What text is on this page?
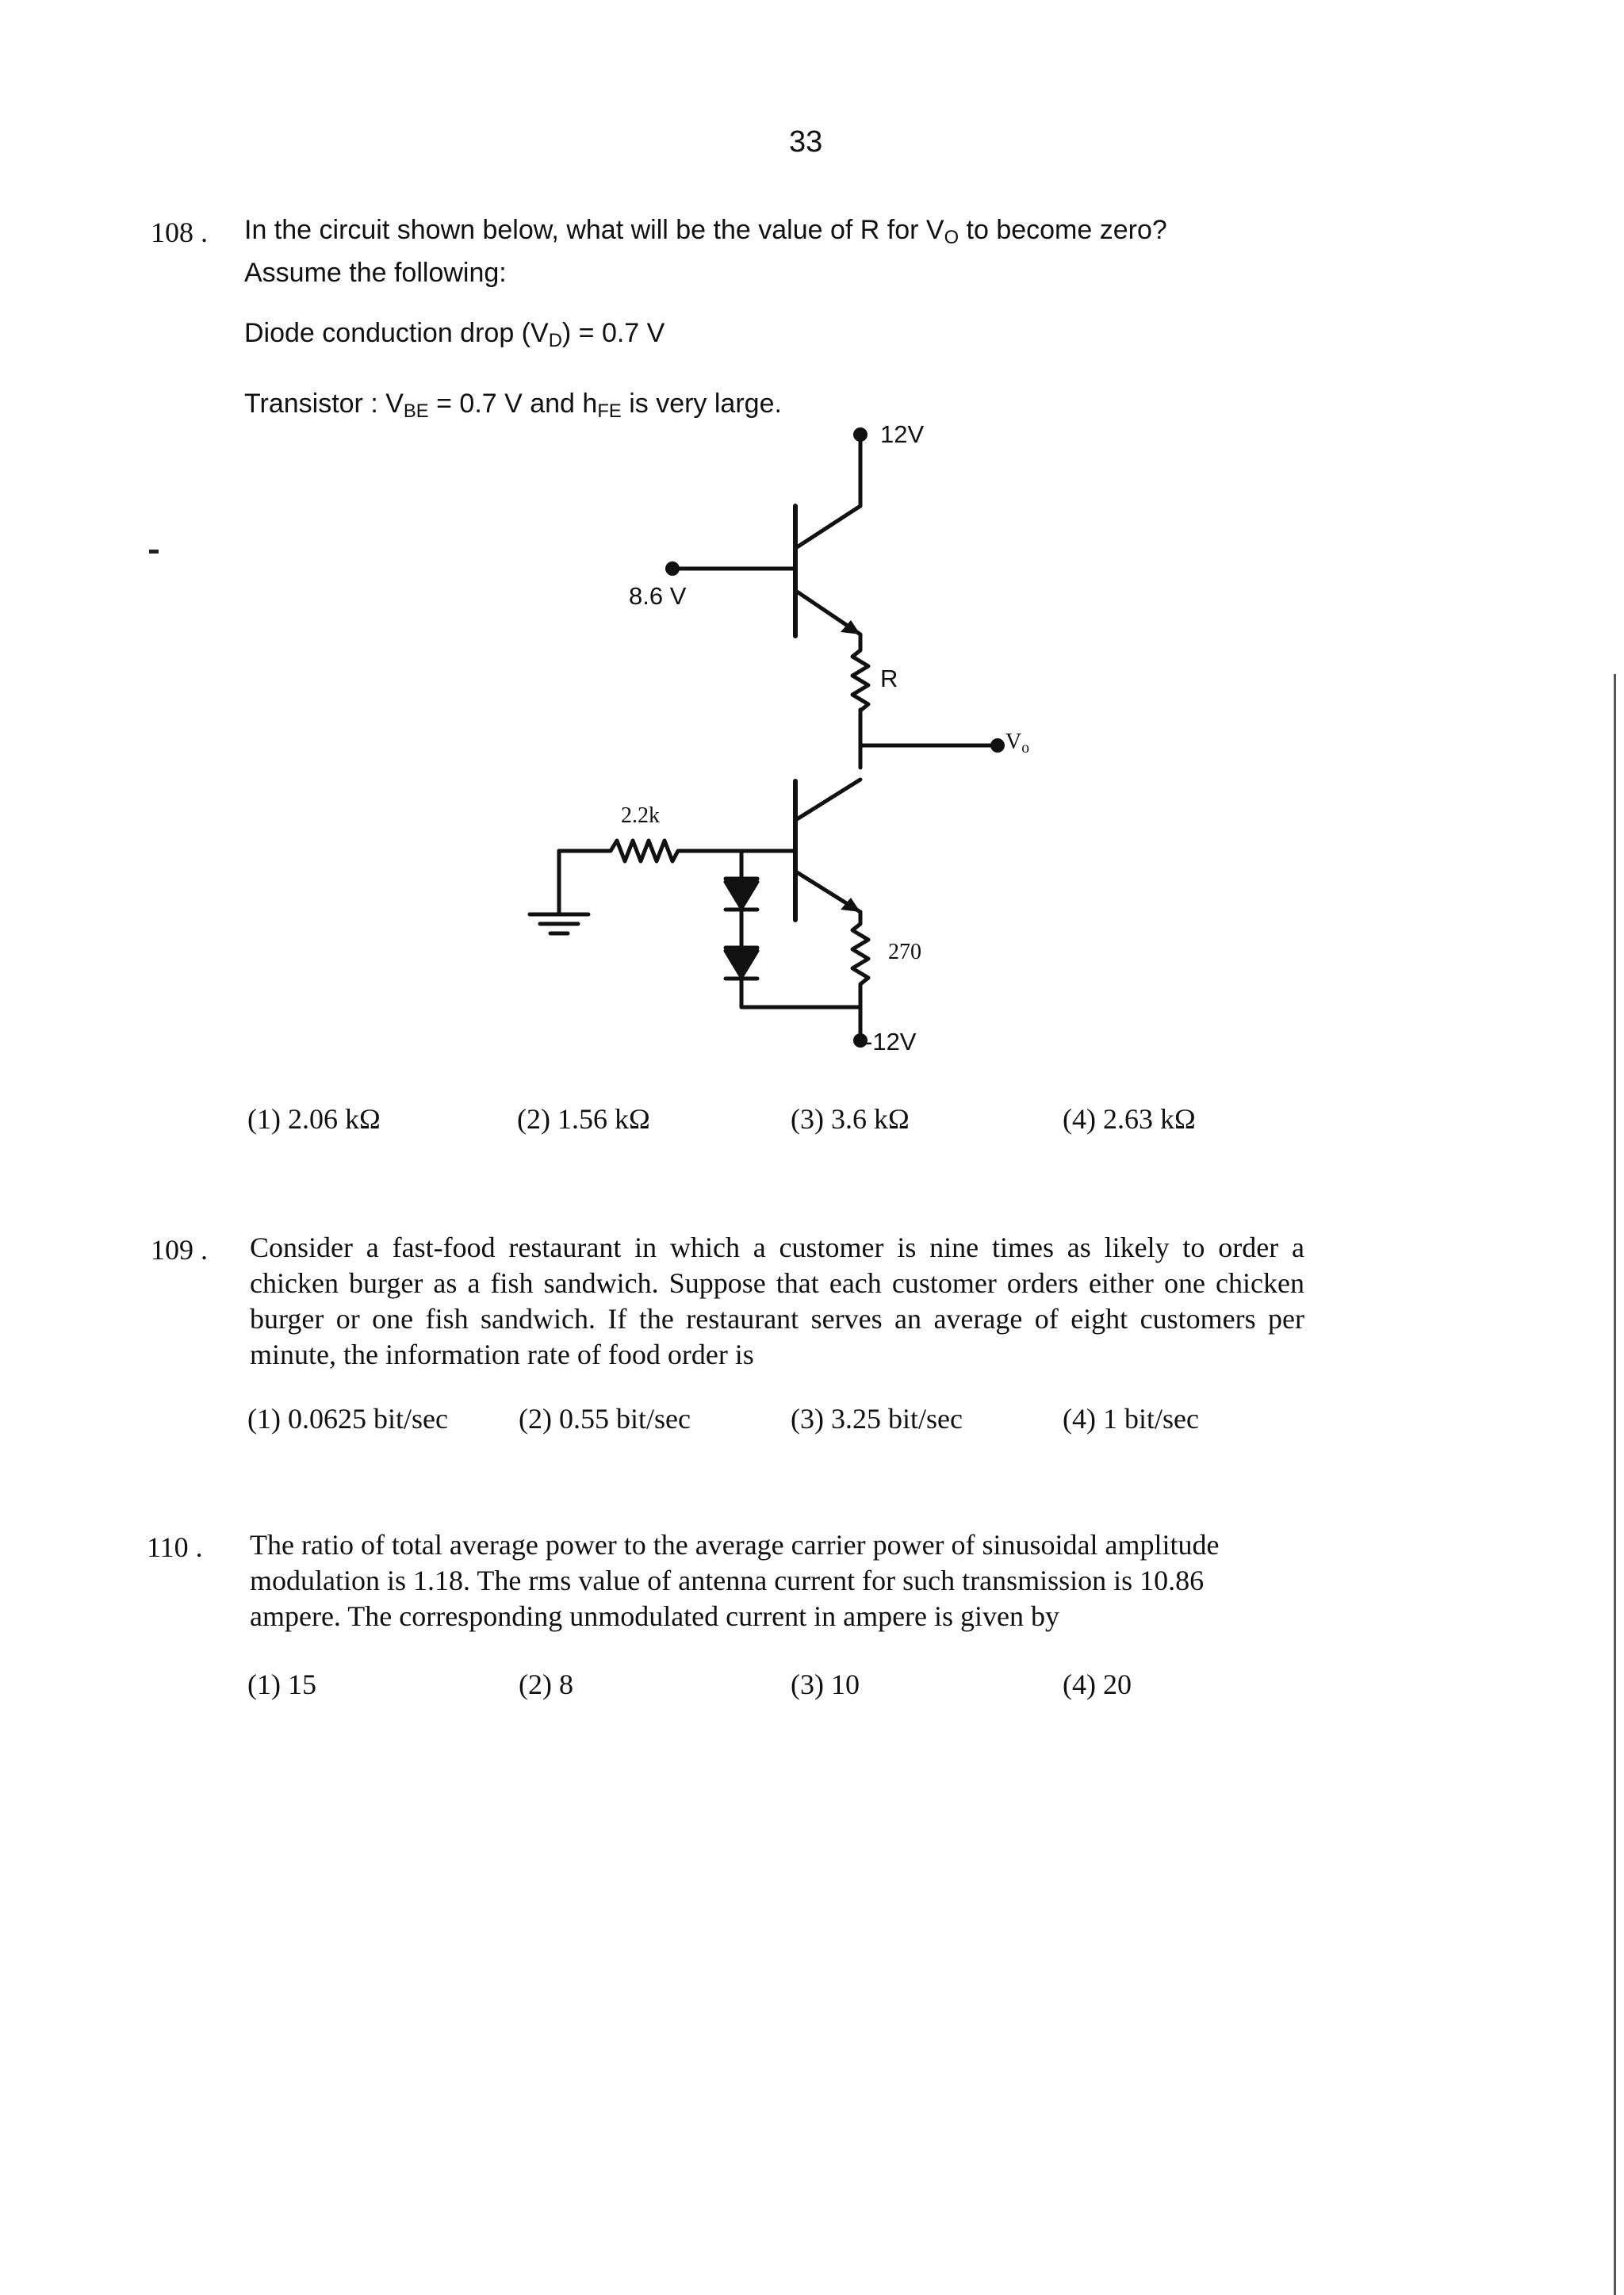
33
108 . In the circuit shown below, what will be the value of R for $V_O$ to become zero?
Assume the following:
Diode conduction drop $(V_D) = 0.7$ V
Transistor : $V_{BE} = 0.7$ V and $h_{FE}$ is very large.
12V
8.6 V
R
$V_o$
2.2k
270
-12V
(1) 2.06 kΩ	(2) 1.56 kΩ	(3) 3.6 kΩ	(4) 2.63 kΩ
109 . Consider a fast-food restaurant in which a customer is nine times as likely to order a chicken burger as a fish sandwich. Suppose that each customer orders either one chicken burger or one fish sandwich. If the restaurant serves an average of eight customers per minute, the information rate of food order is
(1) 0.0625 bit/sec (2) 0.55 bit/sec	(3) 3.25 bit/sec	(4) 1 bit/sec
110 . The ratio of total average power to the average carrier power of sinusoidal amplitude
modulation is 1.18. The rms value of antenna current for such transmission is 10.86
ampere. The corresponding unmodulated current in ampere is given by
(1) 15	(2) 8	(3) 10	(4) 20
